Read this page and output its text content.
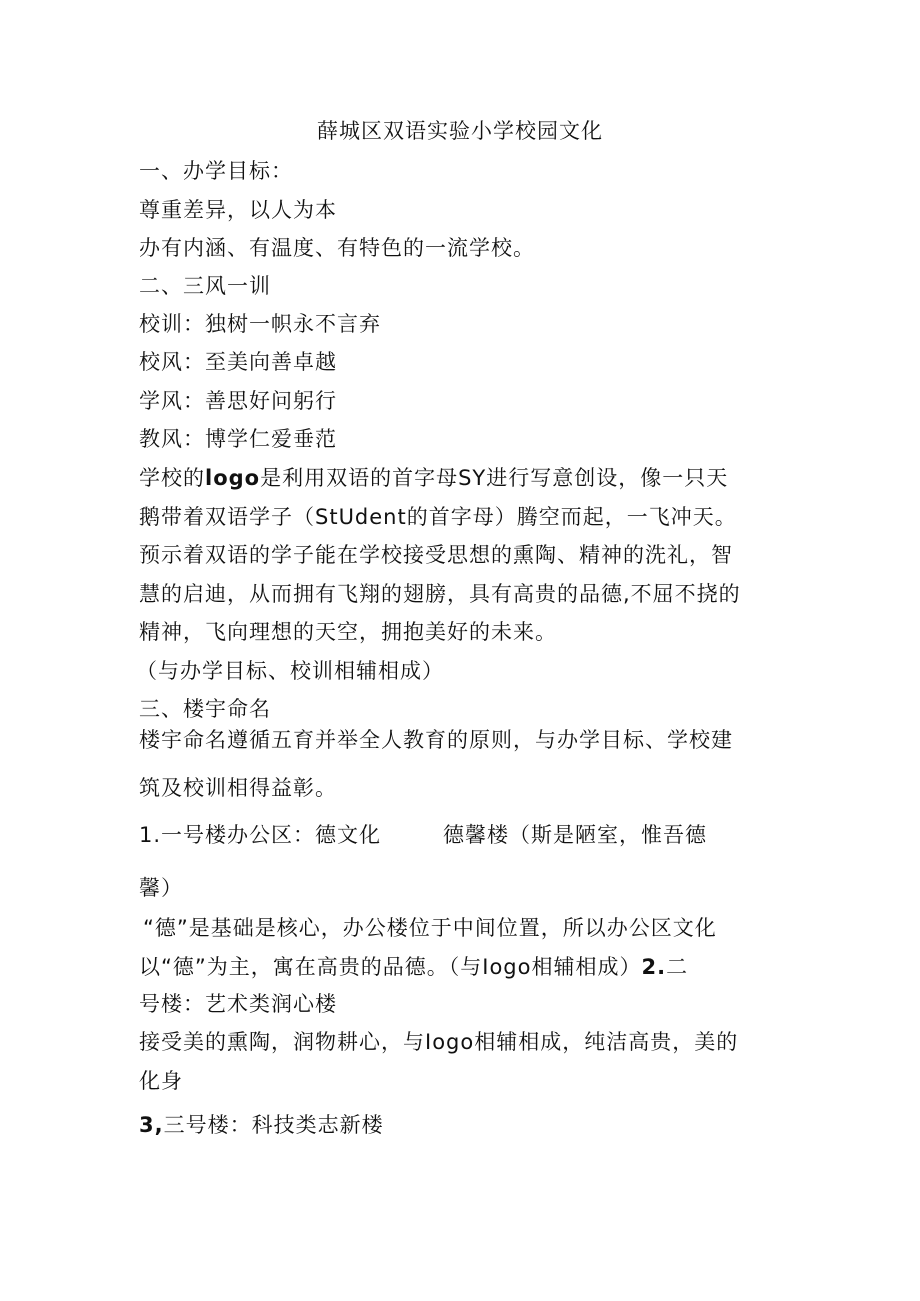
薛城区双语实验小学校园文化
一、办学目标：
尊重差异，以人为本
办有内涵、有温度、有特色的一流学校。
二、三风一训
校训：独树一帜永不言弃
校风：至美向善卓越
学风：善思好问躬行
教风：博学仁爱垂范
学校的logo是利用双语的首字母SY进行写意创设，像一只天
鹅带着双语学子（StUdent的首字母）腾空而起，一飞冲天。
预示着双语的学子能在学校接受思想的熏陶、精神的洗礼，智
慧的启迪，从而拥有飞翔的翅膀，具有高贵的品德,不屈不挠的
精神，飞向理想的天空，拥抱美好的未来。
（与办学目标、校训相辅相成）
三、楼宇命名
楼宇命名遵循五育并举全人教育的原则，与办学目标、学校建
筑及校训相得益彰。
1.一号楼办公区：德文化	德馨楼（斯是陋室，惟吾德
馨）
“德”是基础是核心，办公楼位于中间位置，所以办公区文化
以“德”为主，寓在高贵的品德。（与Iogo相辅相成）2.二
号楼：艺术类润心楼
接受美的熏陶，润物耕心，与Iogo相辅相成，纯洁高贵，美的
化身
3,三号楼：科技类志新楼
